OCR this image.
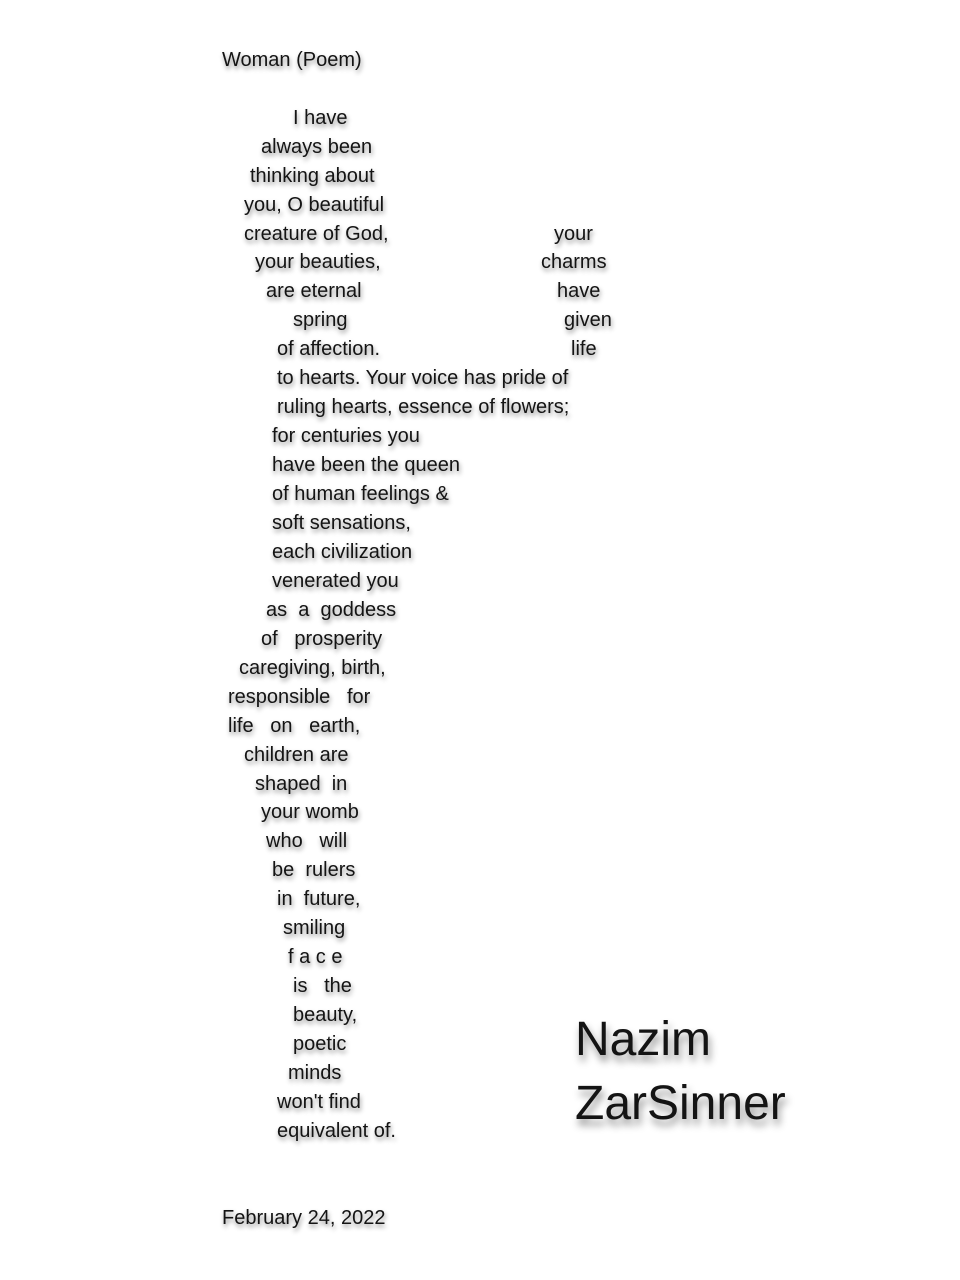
Woman (Poem)
I have
always been
thinking about
you, O beautiful
creature of God,
your beauties,
are eternal
spring
of affection.
your
charms
have
given
life
to hearts. Your voice has pride of
ruling hearts, essence of flowers;
for centuries you
have been the queen
of human feelings &
soft sensations,
each civilization
venerated you
as  a  goddess
of   prosperity
caregiving, birth,
responsible   for
life   on   earth,
children are
shaped  in
your womb
who   will
be  rulers
in  future,
smiling
f a c e
is   the
beauty,
poetic
minds
won't find
equivalent of.
Nazim
ZarSinner
February 24, 2022
